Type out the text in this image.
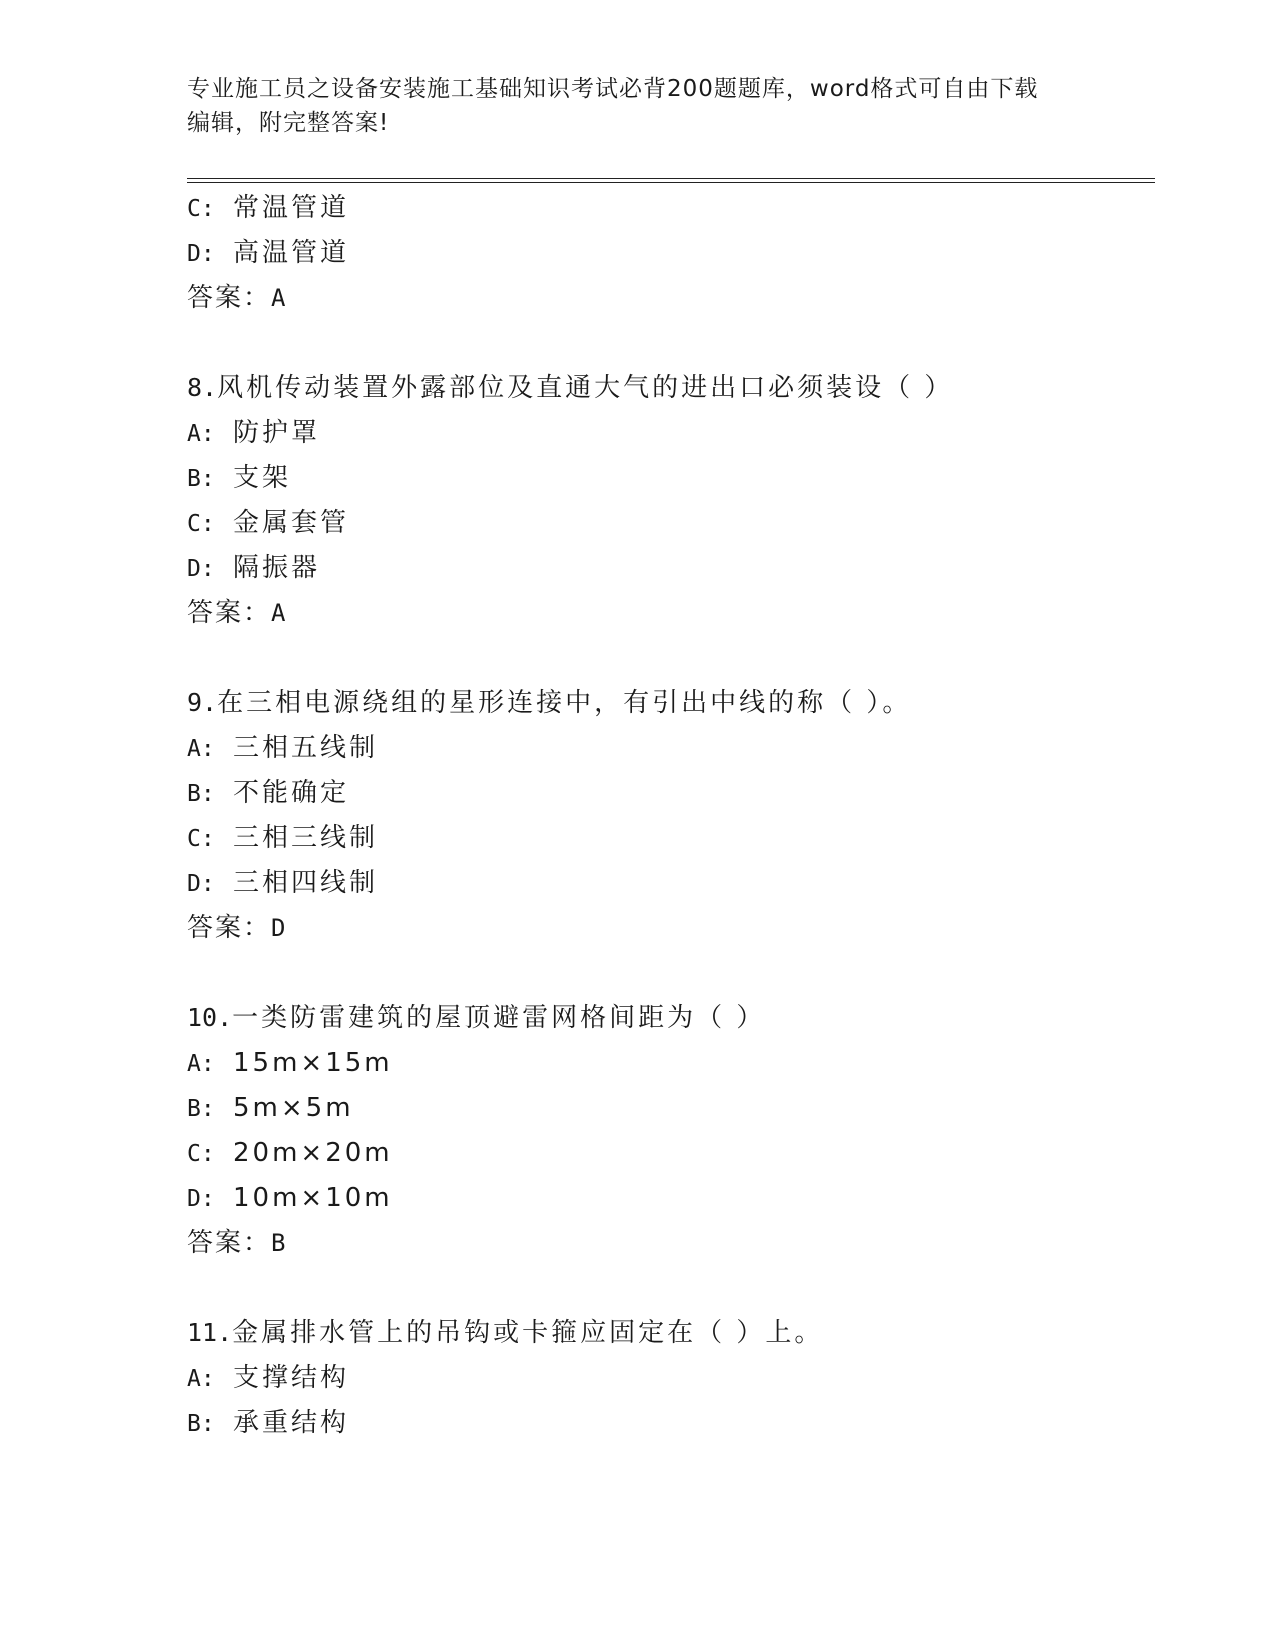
专业施工员之设备安装施工基础知识考试必背200题题库，word格式可自由下载
编辑，附完整答案!
C: 常温管道
D: 高温管道
答案：A
8.风机传动装置外露部位及直通大气的进出口必须装设（ ）
A: 防护罩
B: 支架
C: 金属套管
D: 隔振器
答案：A
9.在三相电源绕组的星形连接中，有引出中线的称（ ）。
A: 三相五线制
B: 不能确定
C: 三相三线制
D: 三相四线制
答案：D
10.一类防雷建筑的屋顶避雷网格间距为（ ）
A: 15m×15m
B: 5m×5m
C: 20m×20m
D: 10m×10m
答案：B
11.金属排水管上的吊钩或卡箍应固定在（ ）上。
A: 支撑结构
B: 承重结构
